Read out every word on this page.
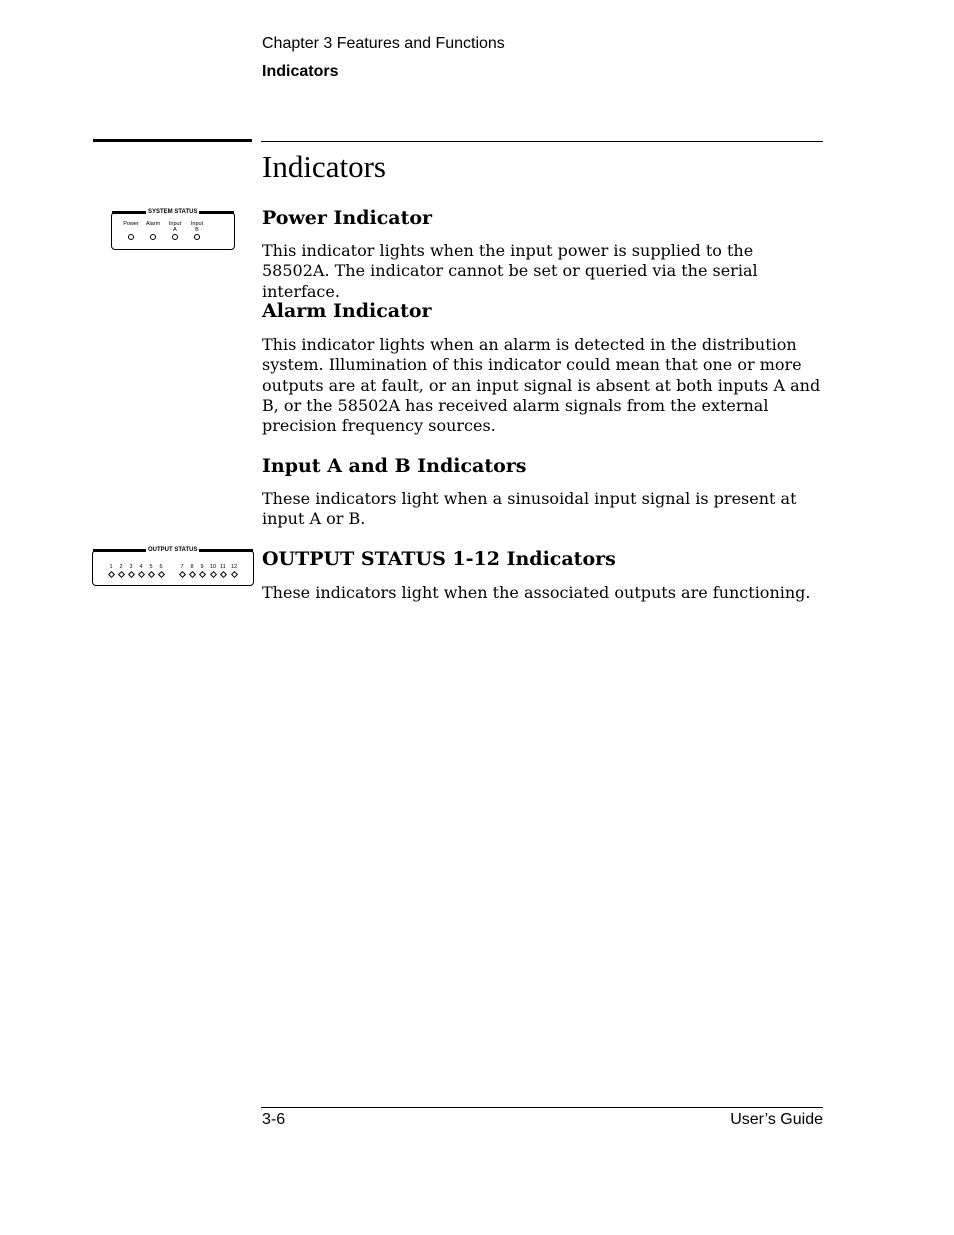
Chapter 3 Features and Functions
Indicators
Indicators
SYSTEM STATUS
Power	Alarm	Input
A
Input
B
OUTPUT STATUS
1	2	3	4	5	6	7	8	9	10 11 12
Power Indicator

This indicator lights when the input power is supplied to the 58502A. The indicator cannot be set or queried via the serial interface.

Alarm Indicator

This indicator lights when an alarm is detected in the distribution system. Illumination of this indicator could mean that one or more outputs are at fault, or an input signal is absent at both inputs A and B, or the 58502A has received alarm signals from the external precision frequency sources.

Input A and B Indicators

These indicators light when a sinusoidal input signal is present at input A or B.

OUTPUT STATUS 1-12 Indicators

These indicators light when the associated outputs are functioning.

3-6	User’s Guide
